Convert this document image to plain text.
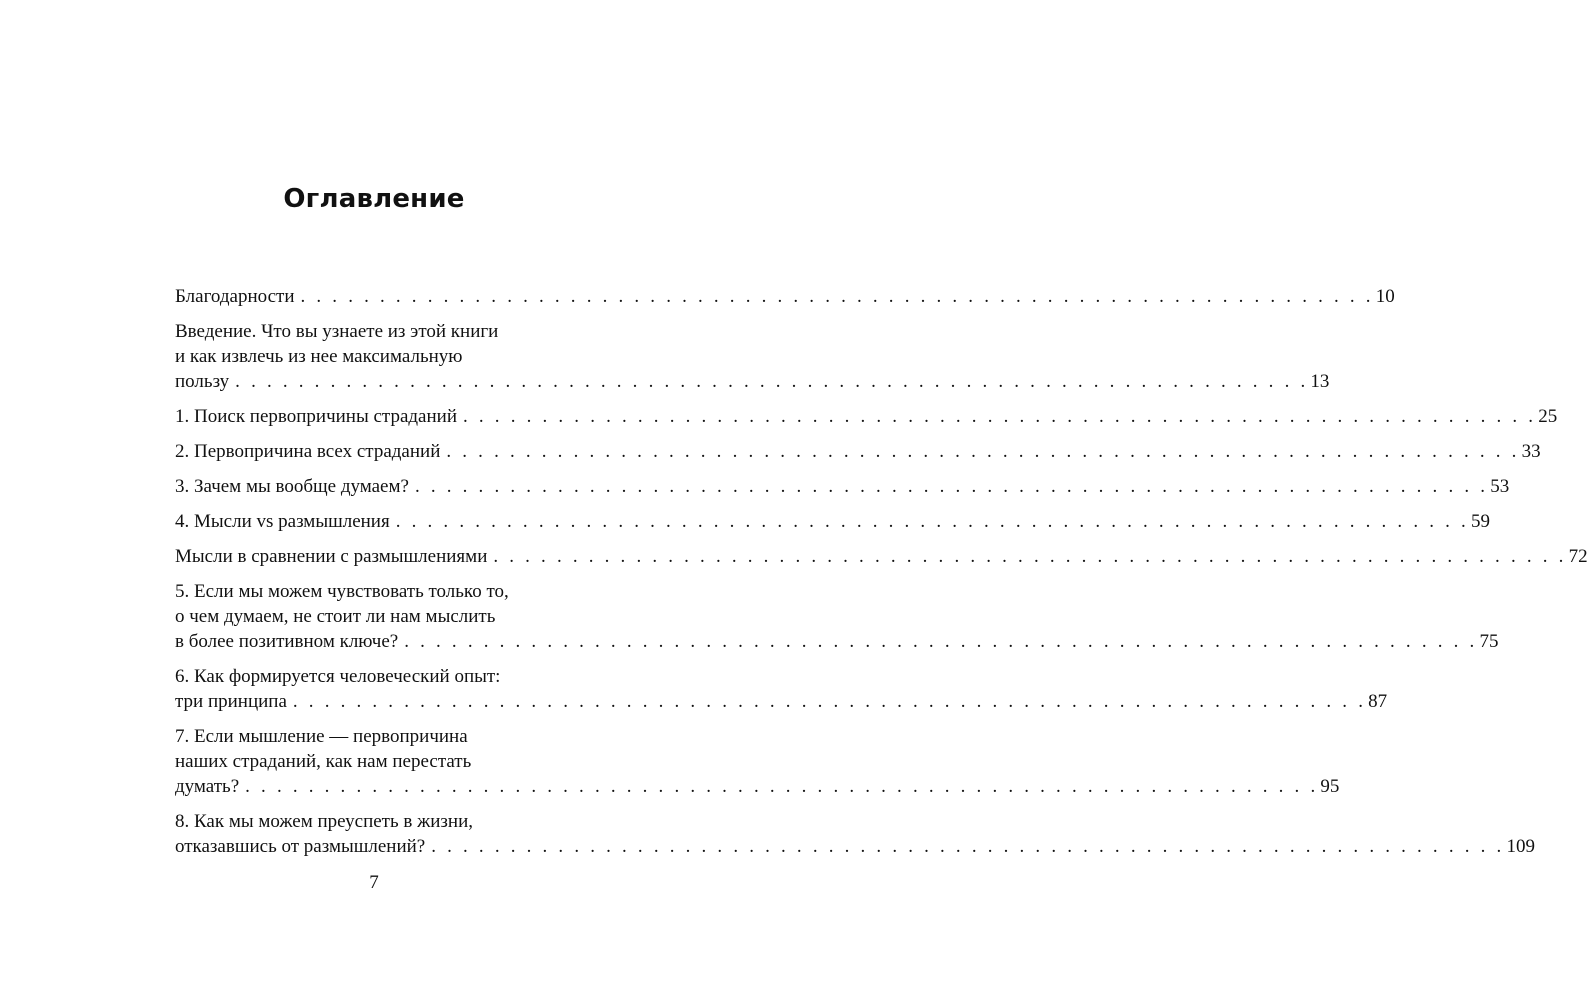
Оглавление
Благодарности . . . . . . . . . . . . . . . . . . . . . . . . . . . . . . . . . . . . . . . . . . . . . . . . . . . . . . . . . . . . . . . . . . . . 10
Введение. Что вы узнаете из этой книги
и как извлечь из нее максимальную
пользу . . . . . . . . . . . . . . . . . . . . . . . . . . . . . . . . . . . . . . . . . . . . . . . . . . . . . . . . . . . . . . . . . . . . 13
1. Поиск первопричины страданий . . . . . . . . . . . . . . . . . . . . . . . . . . . . . . . . . . . . . . . . . . . . . . . . . . . . . . . . . . . . . . . . . . . . 25
2. Первопричина всех страданий . . . . . . . . . . . . . . . . . . . . . . . . . . . . . . . . . . . . . . . . . . . . . . . . . . . . . . . . . . . . . . . . . . . . 33
3. Зачем мы вообще думаем? . . . . . . . . . . . . . . . . . . . . . . . . . . . . . . . . . . . . . . . . . . . . . . . . . . . . . . . . . . . . . . . . . . . . 53
4. Мысли vs размышления . . . . . . . . . . . . . . . . . . . . . . . . . . . . . . . . . . . . . . . . . . . . . . . . . . . . . . . . . . . . . . . . . . . . 59
Мысли в сравнении с размышлениями . . . . . . . . . . . . . . . . . . . . . . . . . . . . . . . . . . . . . . . . . . . . . . . . . . . . . . . . . . . . . . . . . . . . 72
5. Если мы можем чувствовать только то,
о чем думаем, не стоит ли нам мыслить
в более позитивном ключе? . . . . . . . . . . . . . . . . . . . . . . . . . . . . . . . . . . . . . . . . . . . . . . . . . . . . . . . . . . . . . . . . . . . . 75
6. Как формируется человеческий опыт:
три принципа . . . . . . . . . . . . . . . . . . . . . . . . . . . . . . . . . . . . . . . . . . . . . . . . . . . . . . . . . . . . . . . . . . . . 87
7. Если мышление — первопричина
наших страданий, как нам перестать
думать? . . . . . . . . . . . . . . . . . . . . . . . . . . . . . . . . . . . . . . . . . . . . . . . . . . . . . . . . . . . . . . . . . . . . 95
8. Как мы можем преуспеть в жизни,
отказавшись от размышлений? . . . . . . . . . . . . . . . . . . . . . . . . . . . . . . . . . . . . . . . . . . . . . . . . . . . . . . . . . . . . . . . . . . . . 109
7
